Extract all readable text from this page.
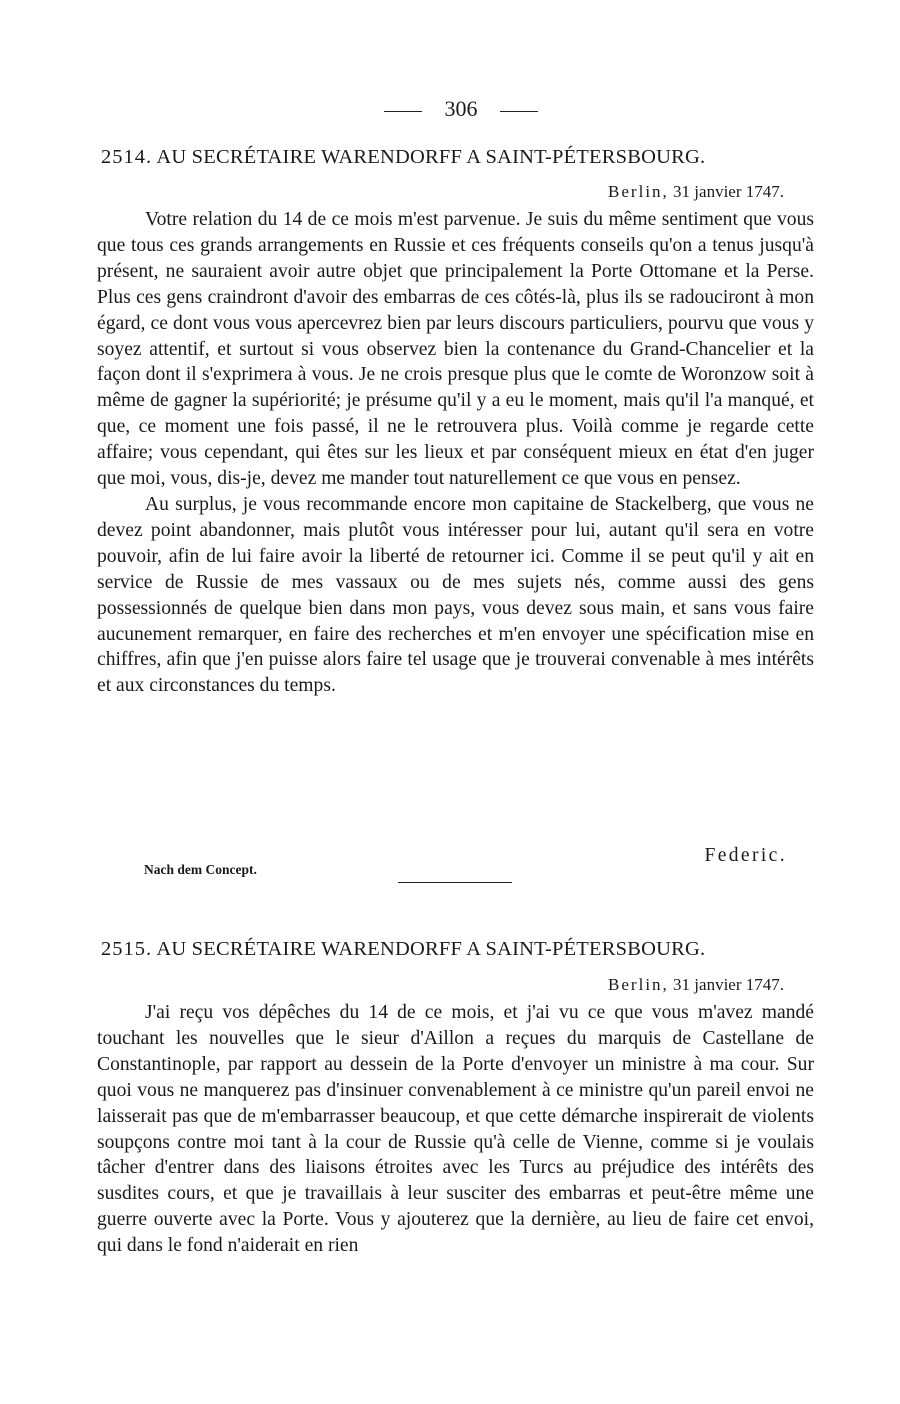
306
2514. AU SECRÉTAIRE WARENDORFF A SAINT-PÉTERSBOURG.
Berlin, 31 janvier 1747.

Votre relation du 14 de ce mois m'est parvenue. Je suis du même sentiment que vous que tous ces grands arrangements en Russie et ces fréquents conseils qu'on a tenus jusqu'à présent, ne sauraient avoir autre objet que principalement la Porte Ottomane et la Perse. Plus ces gens craindront d'avoir des embarras de ces côtés-là, plus ils se radouciront à mon égard, ce dont vous vous apercevrez bien par leurs discours particuliers, pourvu que vous y soyez attentif, et surtout si vous observez bien la contenance du Grand-Chancelier et la façon dont il s'exprimera à vous. Je ne crois presque plus que le comte de Woronzow soit à même de gagner la supériorité; je présume qu'il y a eu le moment, mais qu'il l'a manqué, et que, ce moment une fois passé, il ne le retrouvera plus. Voilà comme je regarde cette affaire; vous cependant, qui êtes sur les lieux et par conséquent mieux en état d'en juger que moi, vous, dis-je, devez me mander tout naturellement ce que vous en pensez.

Au surplus, je vous recommande encore mon capitaine de Stackelberg, que vous ne devez point abandonner, mais plutôt vous intéresser pour lui, autant qu'il sera en votre pouvoir, afin de lui faire avoir la liberté de retourner ici. Comme il se peut qu'il y ait en service de Russie de mes vassaux ou de mes sujets nés, comme aussi des gens possessionnés de quelque bien dans mon pays, vous devez sous main, et sans vous faire aucunement remarquer, en faire des recherches et m'en envoyer une spécification mise en chiffres, afin que j'en puisse alors faire tel usage que je trouverai convenable à mes intérêts et aux circonstances du temps.

Federic.
Nach dem Concept.
2515. AU SECRÉTAIRE WARENDORFF A SAINT-PÉTERSBOURG.
Berlin, 31 janvier 1747.

J'ai reçu vos dépêches du 14 de ce mois, et j'ai vu ce que vous m'avez mandé touchant les nouvelles que le sieur d'Aillon a reçues du marquis de Castellane de Constantinople, par rapport au dessein de la Porte d'envoyer un ministre à ma cour. Sur quoi vous ne manquerez pas d'insinuer convenablement à ce ministre qu'un pareil envoi ne laisserait pas que de m'embarrasser beaucoup, et que cette démarche inspirerait de violents soupçons contre moi tant à la cour de Russie qu'à celle de Vienne, comme si je voulais tâcher d'entrer dans des liaisons étroites avec les Turcs au préjudice des intérêts des susdites cours, et que je travaillais à leur susciter des embarras et peut-être même une guerre ouverte avec la Porte. Vous y ajouterez que la dernière, au lieu de faire cet envoi, qui dans le fond n'aiderait en rien
